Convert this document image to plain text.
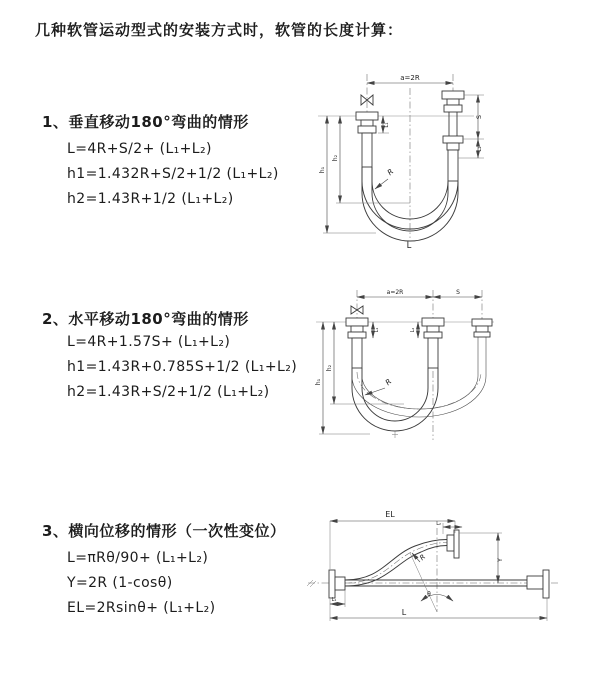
几种软管运动型式的安装方式时，软管的长度计算：
1、垂直移动180°弯曲的情形
L=4R+S/2+ (L₁+L₂)
h1=1.432R+S/2+1/2 (L₁+L₂)
h2=1.43R+1/2 (L₁+L₂)
2、水平移动180°弯曲的情形
L=4R+1.57S+ (L₁+L₂)
h1=1.43R+0.785S+1/2 (L₁+L₂)
h2=1.43R+S/2+1/2 (L₁+L₂)
3、横向位移的情形（一次性变位）
L=πRθ/90+ (L₁+L₂)
Y=2R (1-cosθ)
EL=2Rsinθ+ (L₁+L₂)
a=2R
S
L₂
L₁
h₁
h₂
R
L
a=2R	S
h₁
h₂
L₁	L₂
R
EL
L₂
Y
R
θ
L
L₁
